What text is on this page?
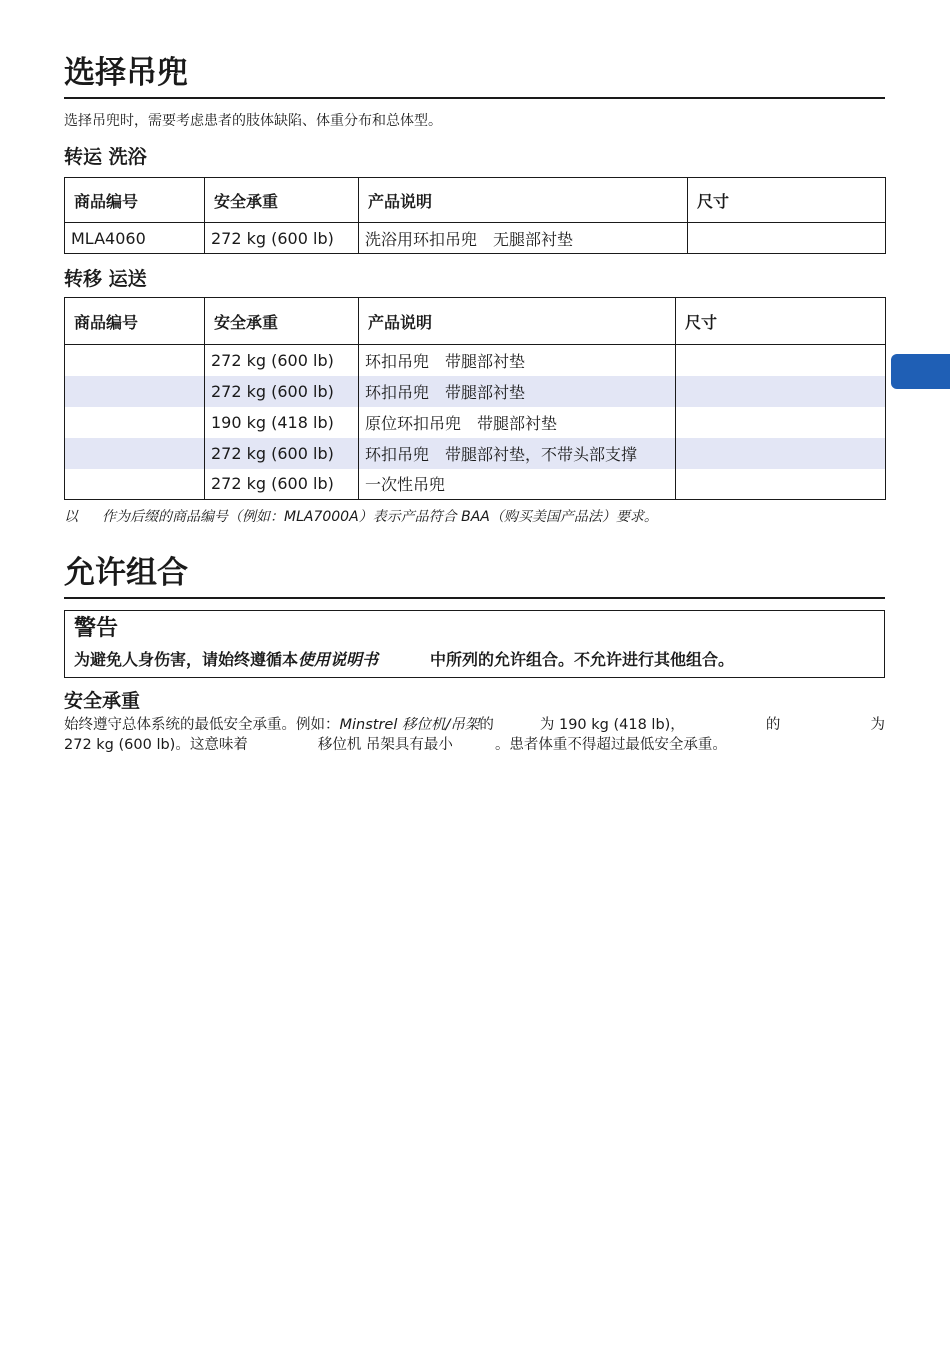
选择吊兜
选择吊兜时，需要考虑患者的肢体缺陷、体重分布和总体型。
转运 洗浴
商品编号	安全承重	产品说明	尺寸
MLA4060	272 kg (600 lb)	洗浴用环扣吊兜　无腿部衬垫	
转移 运送
商品编号	安全承重	产品说明	尺寸
	272 kg (600 lb)	环扣吊兜　带腿部衬垫	
	272 kg (600 lb)	环扣吊兜　带腿部衬垫	
	190 kg (418 lb)	原位环扣吊兜　带腿部衬垫	
	272 kg (600 lb)	环扣吊兜　带腿部衬垫，不带头部支撑	
	272 kg (600 lb)	一次性吊兜	
以 作为后缀的商品编号（例如：MLA7000A）表示产品符合 BAA（购买美国产品法）要求。
允许组合
警告
为避免人身伤害，请始终遵循本使用说明书	中所列的允许组合。不允许进行其他组合。
安全承重
始终遵守总体系统的最低安全承重。例如： Minstrel 移位机/吊架 的	为 190 kg (418 lb)，	的	为
272 kg (600 lb)。这意味着	移位机 吊架具有最小	。患者体重不得超过最低安全承重。
